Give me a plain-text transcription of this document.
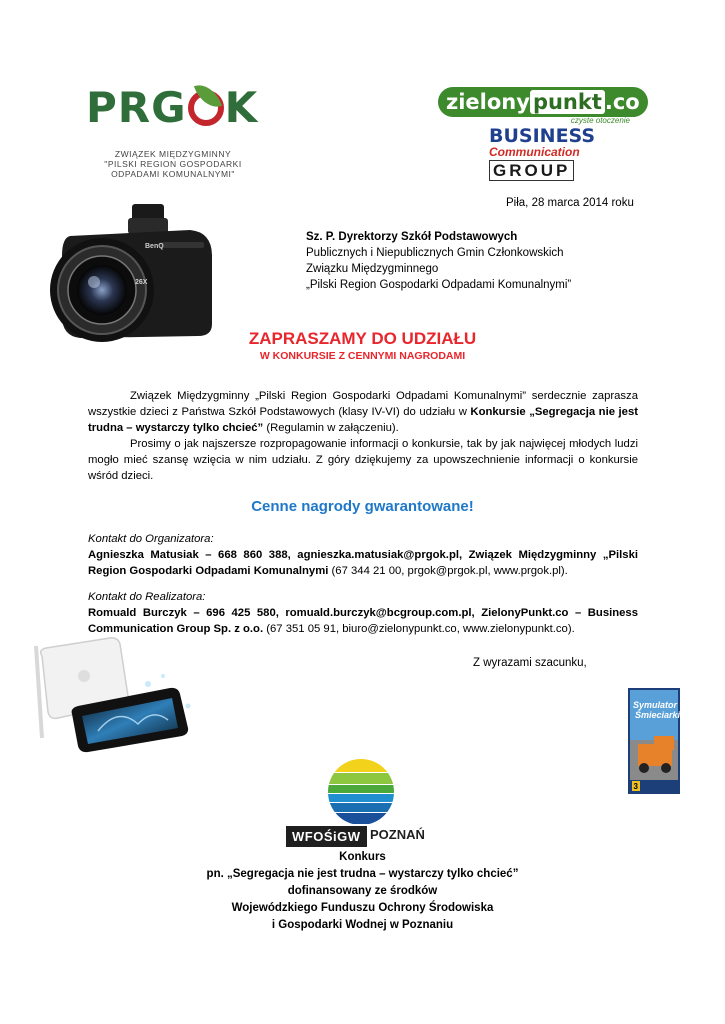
PRG K
ZWIĄZEK MIĘDZYGMINNY
"PILSKI REGION GOSPODARKI
ODPADAMI KOMUNALNYMI"
zielony punkt .co
czyste otoczenie
BUSINESS
Communication
GROUP
26X
BenQ
Piła, 28 marca 2014 roku
Sz. P. Dyrektorzy Szkół Podstawowych
Publicznych i Niepublicznych Gmin Członkowskich
Związku Międzygminnego
„Pilski Region Gospodarki Odpadami Komunalnymi”
ZAPRASZAMY DO UDZIAŁU
W KONKURSIE Z CENNYMI NAGRODAMI

Związek Międzygminny „Pilski Region Gospodarki Odpadami Komunalnymi” serdecznie zaprasza wszystkie dzieci z Państwa Szkół Podstawowych (klasy IV-VI) do udziału w Konkursie „Segregacja nie jest trudna – wystarczy tylko chcieć” (Regulamin w załączeniu).

Prosimy o jak najszersze rozpropagowanie informacji o konkursie, tak by jak najwięcej młodych ludzi mogło mieć szansę wzięcia w nim udziału. Z góry dziękujemy za upowszechnienie informacji o konkursie wśród dzieci.

Cenne nagrody gwarantowane!
Kontakt do Organizatora:
Agnieszka Matusiak – 668 860 388, agnieszka.matusiak@prgok.pl, Związek Międzygminny „Pilski Region Gospodarki Odpadami Komunalnymi (67 344 21 00, prgok@prgok.pl, www.prgok.pl).
Kontakt do Realizatora:
Romuald Burczyk – 696 425 580, romuald.burczyk@bcgroup.com.pl, ZielonyPunkt.co – Business Communication Group Sp. z o.o. (67 351 05 91, biuro@zielonypunkt.co, www.zielonypunkt.co).
Z wyrazami szacunku,
Symulator
Śmieciarki
3
WFOŚiGW POZNAŃ
Konkurs
pn. „Segregacja nie jest trudna – wystarczy tylko chcieć”
dofinansowany ze środków
Wojewódzkiego Funduszu Ochrony Środowiska
i Gospodarki Wodnej w Poznaniu
